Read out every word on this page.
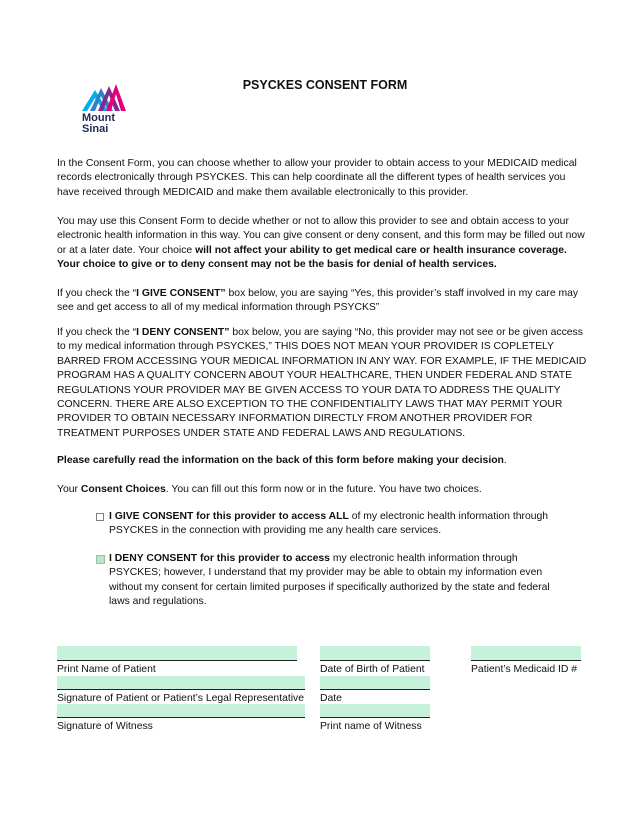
Mount
Sinai
PSYCKES CONSENT FORM

In the Consent Form, you can choose whether to allow your provider to obtain access to your MEDICAID medical records electronically through PSYCKES. This can help coordinate all the different types of health services you have received through MEDICAID and make them available electronically to this provider.

You may use this Consent Form to decide whether or not to allow this provider to see and obtain access to your electronic health information in this way. You can give consent or deny consent, and this form may be filled out now or at a later date. Your choice will not affect your ability to get medical care or health insurance coverage. Your choice to give or to deny consent may not be the basis for denial of health services.

If you check the “I GIVE CONSENT” box below, you are saying “Yes, this provider’s staff involved in my care may see and get access to all of my medical information through PSYCKS”

If you check the “I DENY CONSENT” box below, you are saying “No, this provider may not see or be given access to my medical information through PSYCKES,” THIS DOES NOT MEAN YOUR PROVIDER IS COPLETELY BARRED FROM ACCESSING YOUR MEDICAL INFORMATION IN ANY WAY. FOR EXAMPLE, IF THE MEDICAID PROGRAM HAS A QUALITY CONCERN ABOUT YOUR HEALTHCARE, THEN UNDER FEDERAL AND STATE REGULATIONS YOUR PROVIDER MAY BE GIVEN ACCESS TO YOUR DATA TO ADDRESS THE QUALITY CONCERN. THERE ARE ALSO EXCEPTION TO THE CONFIDENTIALITY LAWS THAT MAY PERMIT YOUR PROVIDER TO OBTAIN NECESSARY INFORMATION DIRECTLY FROM ANOTHER PROVIDER FOR TREATMENT PURPOSES UNDER STATE AND FEDERAL LAWS AND REGULATIONS.

Please carefully read the information on the back of this form before making your decision.

Your Consent Choices. You can fill out this form now or in the future. You have two choices.

I GIVE CONSENT for this provider to access ALL of my electronic health information through PSYCKES in the connection with providing me any health care services.
I DENY CONSENT for this provider to access my electronic health information through PSYCKES; however, I understand that my provider may be able to obtain my information even without my consent for certain limited purposes if specifically authorized by the state and federal laws and regulations.
Print Name of Patient	Date of Birth of Patient	Patient’s Medicaid ID #
Signature of Patient or Patient’s Legal Representative Date
Signature of Witness	Print name of Witness
